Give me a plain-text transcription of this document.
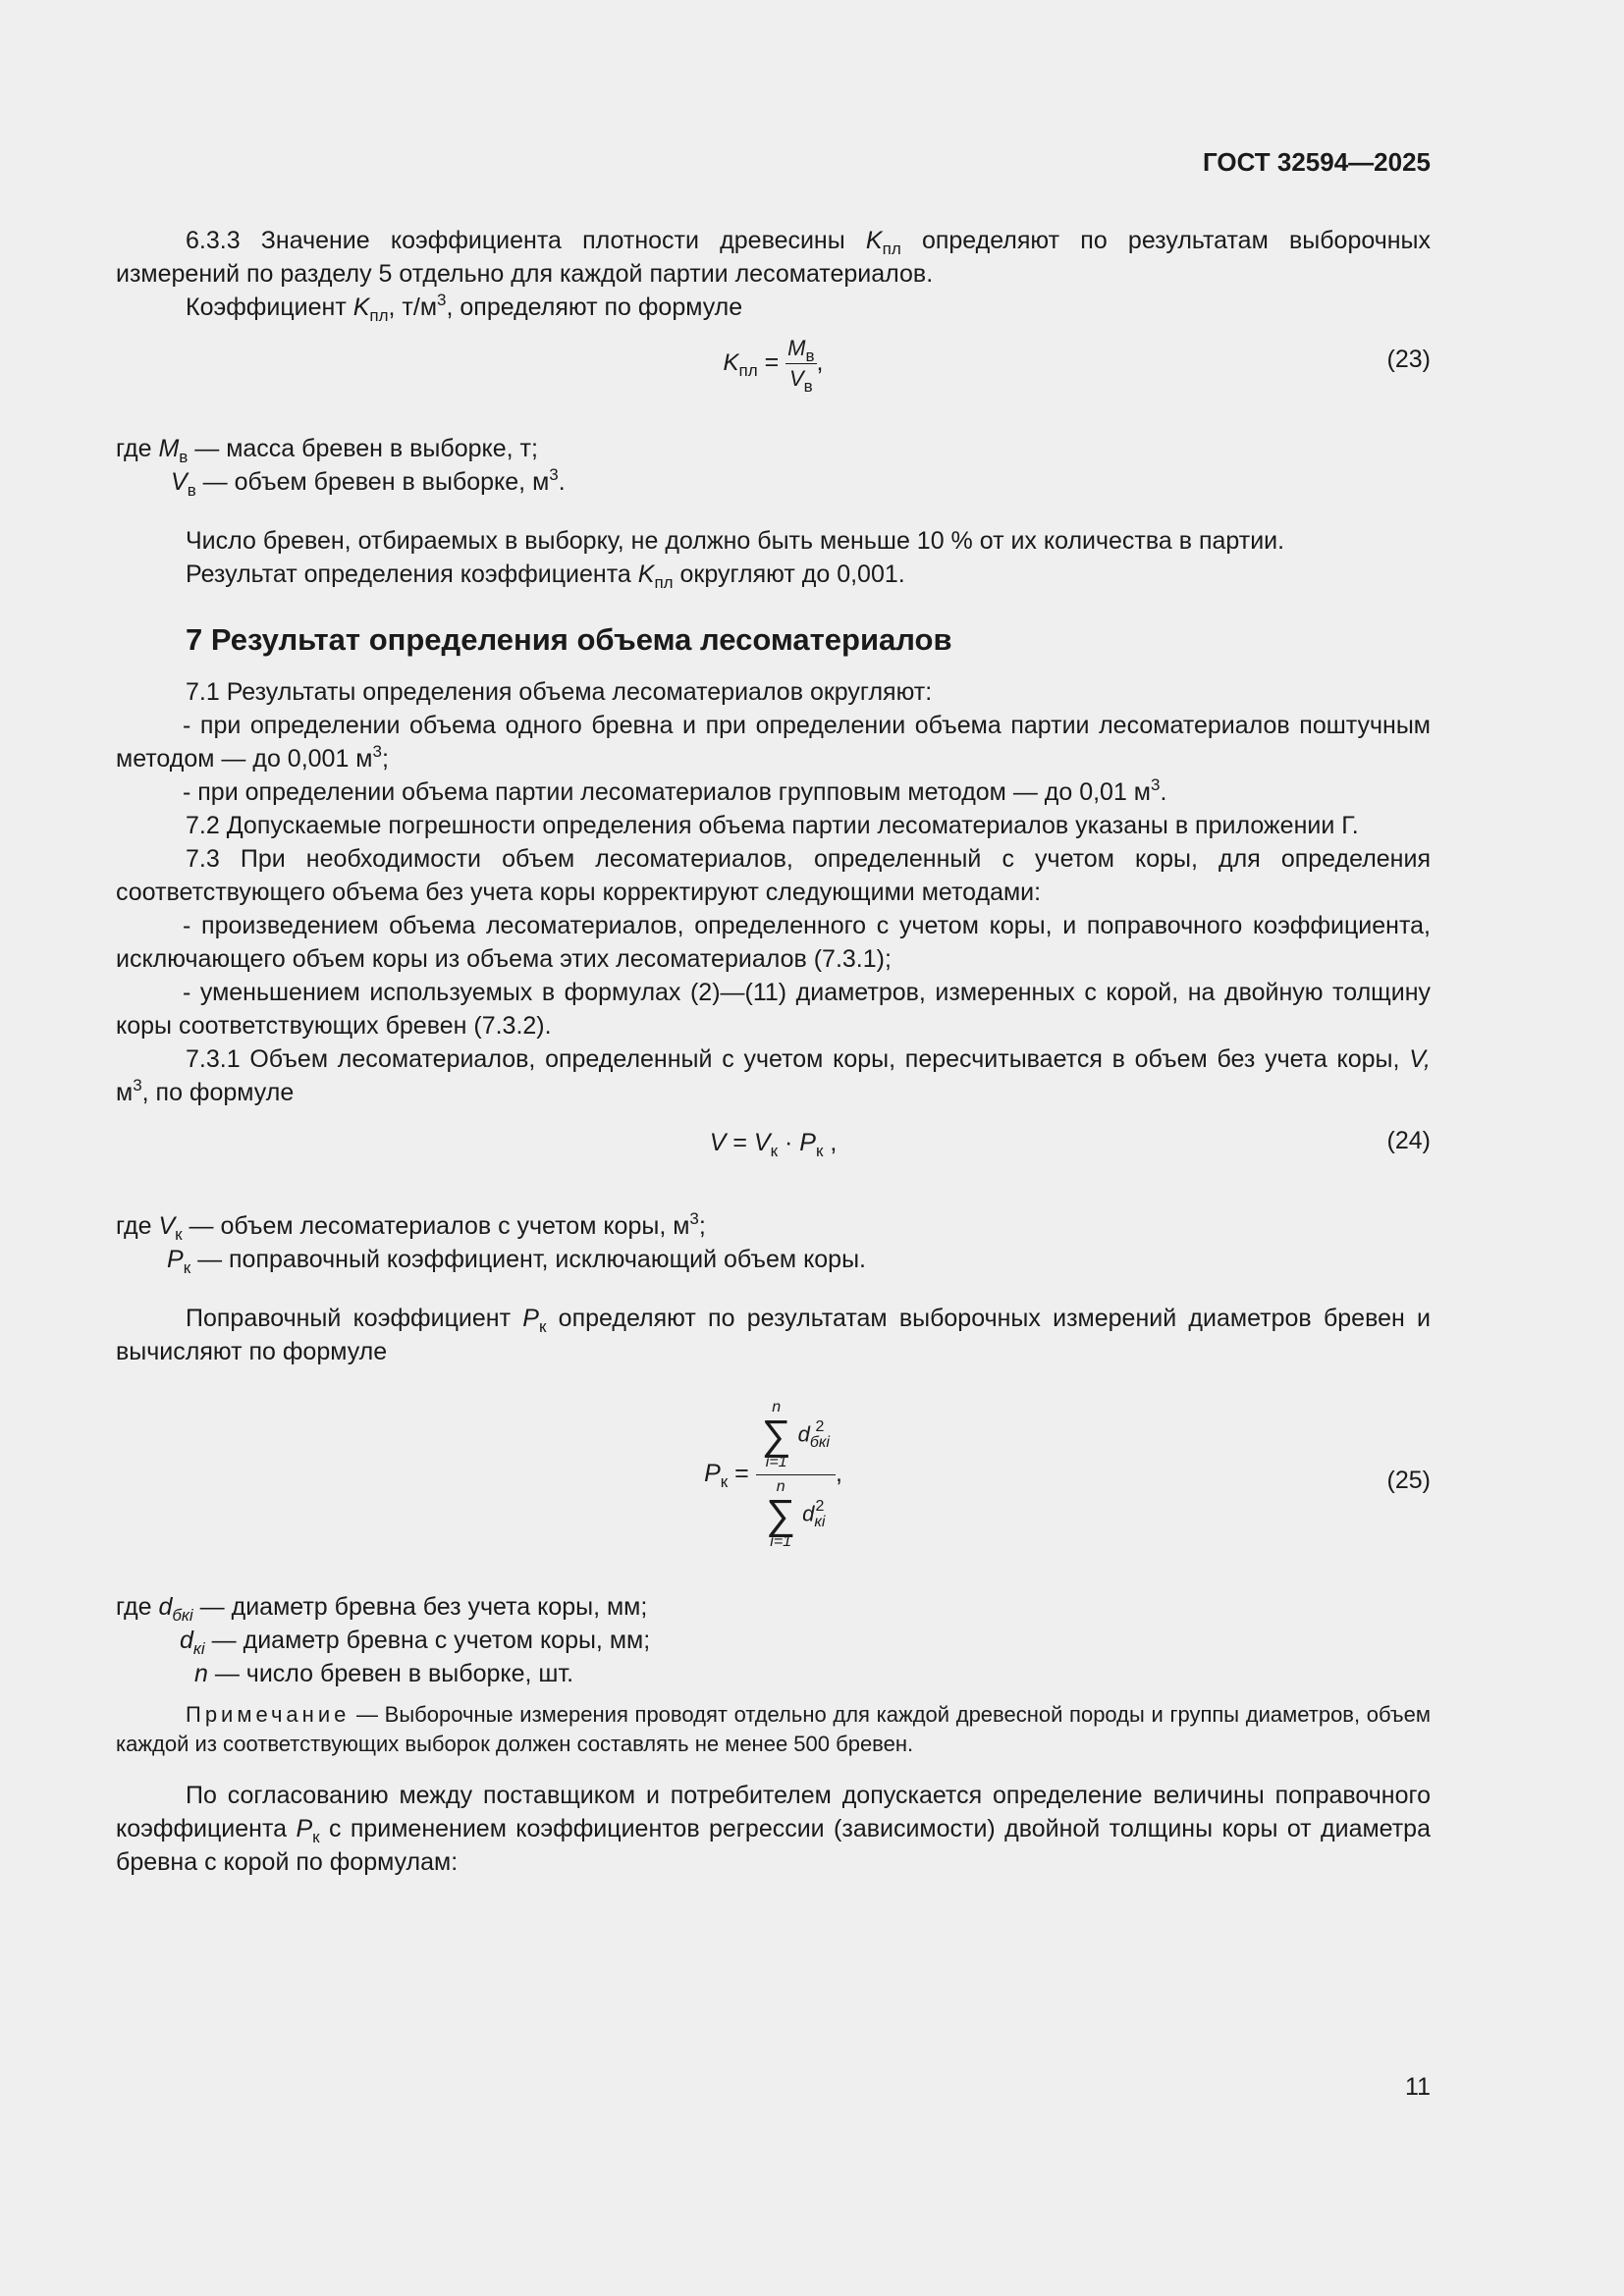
ГОСТ 32594—2025

6.3.3 Значение коэффициента плотности древесины $K_{пл}$ определяют по результатам выборочных измерений по разделу 5 отдельно для каждой партии лесоматериалов.

Коэффициент $K_{пл}$, $т/м^3$, определяют по формуле

$K_{пл} = \frac{M_в}{V_в}$ ,	(23)

где $M_в$ — масса бревен в выборке, т;

$V_в$ — объем бревен в выборке, $м^3$.

Число бревен, отбираемых в выборку, не должно быть меньше 10 % от их количества в партии.

Результат определения коэффициента $K_{пл}$ округляют до 0,001.

7 Результат определения объема лесоматериалов

7.1 Результаты определения объема лесоматериалов округляют:

- при определении объема одного бревна и при определении объема партии лесоматериалов поштучным методом — до 0,001 $м^3$;

- при определении объема партии лесоматериалов групповым методом — до 0,01 $м^3$.

7.2 Допускаемые погрешности определения объема партии лесоматериалов указаны в приложении Г.

7.3 При необходимости объем лесоматериалов, определенный с учетом коры, для определения соответствующего объема без учета коры корректируют следующими методами:

- произведением объема лесоматериалов, определенного с учетом коры, и поправочного коэффициента, исключающего объем коры из объема этих лесоматериалов (7.3.1);

- уменьшением используемых в формулах (2)—(11) диаметров, измеренных с корой, на двойную толщину коры соответствующих бревен (7.3.2).

7.3.1 Объем лесоматериалов, определенный с учетом коры, пересчитывается в объем без учета коры, V, $м^3$, по формуле

$V = V_к \cdot P_к$ ,	(24)

где $V_к$ — объем лесоматериалов с учетом коры, $м^3$;

$P_к$ — поправочный коэффициент, исключающий объем коры.

Поправочный коэффициент $P_к$ определяют по результатам выборочных измерений диаметров бревен и вычисляют по формуле

$P_к = n$
∑
i=1
d 2
бкi
n
∑
i=1
d 2
кi ,	(25)

где $d_{бкi}$ — диаметр бревна без учета коры, мм;

$d_{кi}$ — диаметр бревна с учетом коры, мм;

n — число бревен в выборке, шт.

Примечание — Выборочные измерения проводят отдельно для каждой древесной породы и группы диаметров, объем каждой из соответствующих выборок должен составлять не менее 500 бревен.

По согласованию между поставщиком и потребителем допускается определение величины поправочного коэффициента $P_к$ с применением коэффициентов регрессии (зависимости) двойной толщины коры от диаметра бревна с корой по формулам:

11
